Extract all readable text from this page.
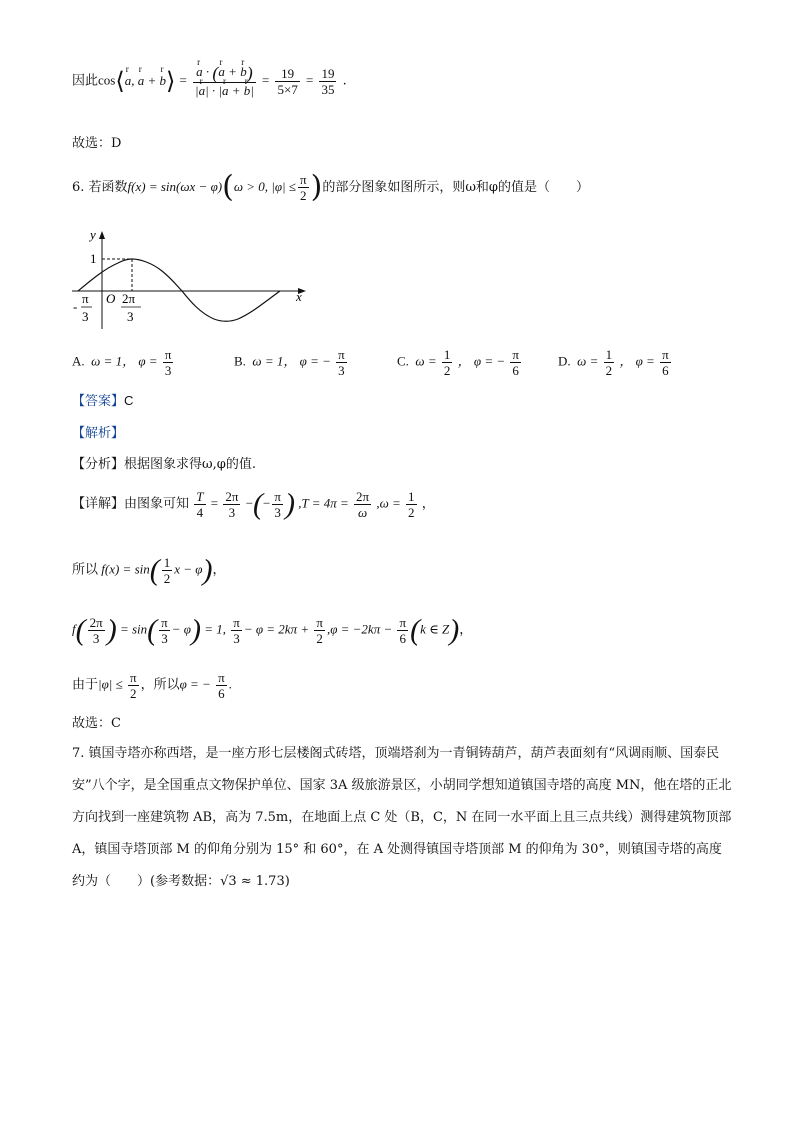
因此cos⟨r a, r a + r b⟩ =
r $\frac{\text{a · (r a + r b)}}{\text{|r a| · |r a + r b|}} = \frac{19}{5\times 7} = \frac{19}{35}$ .
故选：D
6. 若函数f(x) = sin(ωx − φ)(ω > 0, $|\varphi| \le \frac{\pi}{2}$ )的部分图象如图所示，则ω和φ的值是（　　）
y
x
1
O
-
π
3
2π
3
A. ω = 1， $\varphi = \frac{\pi}{3}$	B. ω = 1， φ = − $\frac{\pi}{3}$	C. $\omega = \frac{1}{2}$ ， φ = − $\frac{\pi}{6}$	D. $\omega = \frac{1}{2}$ ， $\varphi = \frac{\pi}{6}$
【答案】C
【解析】
【分析】根据图象求得ω,φ的值.
【详解】由图象可知 $\frac{T}{4} = \frac{2\pi}{3}$ −(− $\frac{\pi}{3}$ ) $,T = 4\pi = \frac{2\pi}{\omega} ,\omega = \frac{1}{2}$ ，
所以 $f(x) = \sin( \frac{1}{2}$ x − φ)，
$f( \frac{2\pi}{3}$ ) = $\sin( \frac{\pi}{3} - \varphi) = 1$, $\frac{\pi}{3} - \varphi = 2k\pi + \frac{\pi}{2} ,\varphi = -2k\pi - \frac{\pi}{6} (k$ ∈ Z)，
由于$|\varphi| \le \frac{\pi}{2}$ ，所以φ = − $\frac{\pi}{6}$ .
故选：C
7. 镇国寺塔亦称西塔，是一座方形七层楼阁式砖塔，顶端塔刹为一青铜铸葫芦，葫芦表面刻有“风调雨顺、国泰民安”八个字，是全国重点文物保护单位、国家 3A 级旅游景区，小胡同学想知道镇国寺塔的高度 MN，他在塔的正北方向找到一座建筑物 AB，高为 7.5m，在地面上点 C 处（B，C，N 在同一水平面上且三点共线）测得建筑物顶部 A，镇国寺塔顶部 M 的仰角分别为 15° 和 60°，在 A 处测得镇国寺塔顶部 M 的仰角为 30°，则镇国寺塔的高度约为（　　）(参考数据：√3 ≈ 1.73)
